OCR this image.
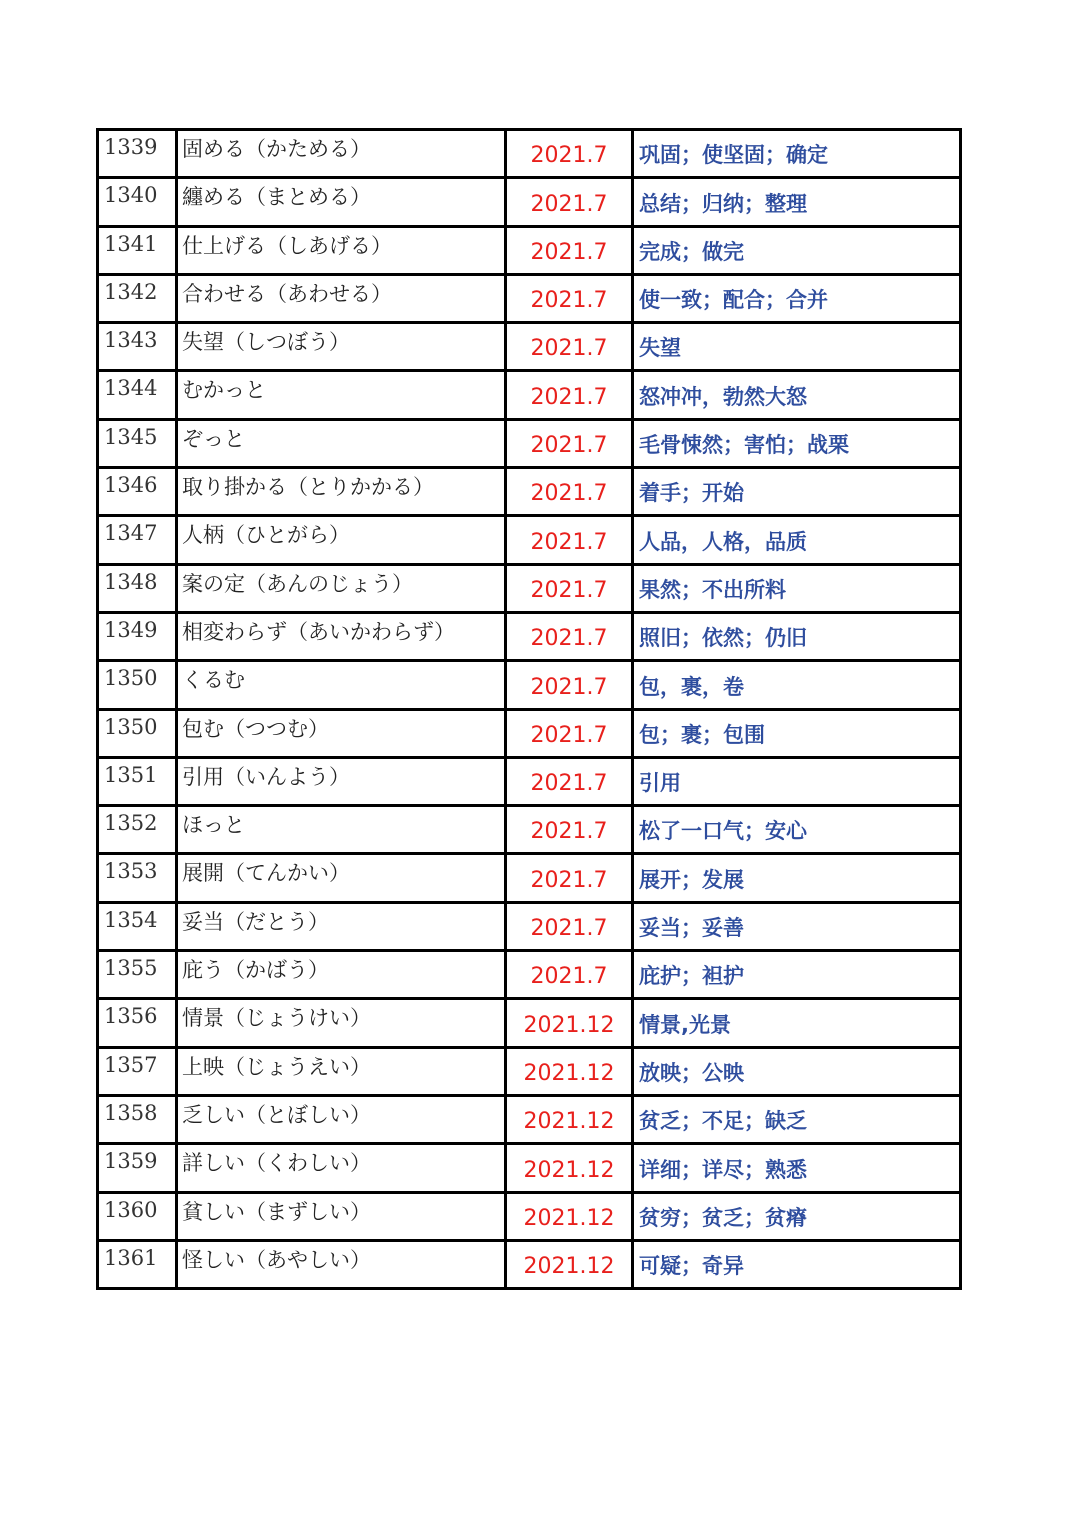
1339	固める（かためる）	2021.7	巩固；使坚固；确定
1340	纏める（まとめる）	2021.7	总结；归纳；整理
1341	仕上げる（しあげる）	2021.7	完成；做完
1342	合わせる（あわせる）	2021.7	使一致；配合；合并
1343	失望（しつぼう）	2021.7	失望
1344	むかっと	2021.7	怒冲冲，勃然大怒
1345	ぞっと	2021.7	毛骨悚然；害怕；战栗
1346	取り掛かる（とりかかる）	2021.7	着手；开始
1347	人柄（ひとがら）	2021.7	人品，人格，品质
1348	案の定（あんのじょう）	2021.7	果然；不出所料
1349	相変わらず（あいかわらず）	2021.7	照旧；依然；仍旧
1350	くるむ	2021.7	包，裹，卷
1350	包む（つつむ）	2021.7	包；裹；包围
1351	引用（いんよう）	2021.7	引用
1352	ほっと	2021.7	松了一口气；安心
1353	展開（てんかい）	2021.7	展开；发展
1354	妥当（だとう）	2021.7	妥当；妥善
1355	庇う（かばう）	2021.7	庇护；袒护
1356	情景（じょうけい）	2021.12	情景,光景
1357	上映（じょうえい）	2021.12	放映；公映
1358	乏しい（とぼしい）	2021.12	贫乏；不足；缺乏
1359	詳しい（くわしい）	2021.12	详细；详尽；熟悉
1360	貧しい（まずしい）	2021.12	贫穷；贫乏；贫瘠
1361	怪しい（あやしい）	2021.12	可疑；奇异
